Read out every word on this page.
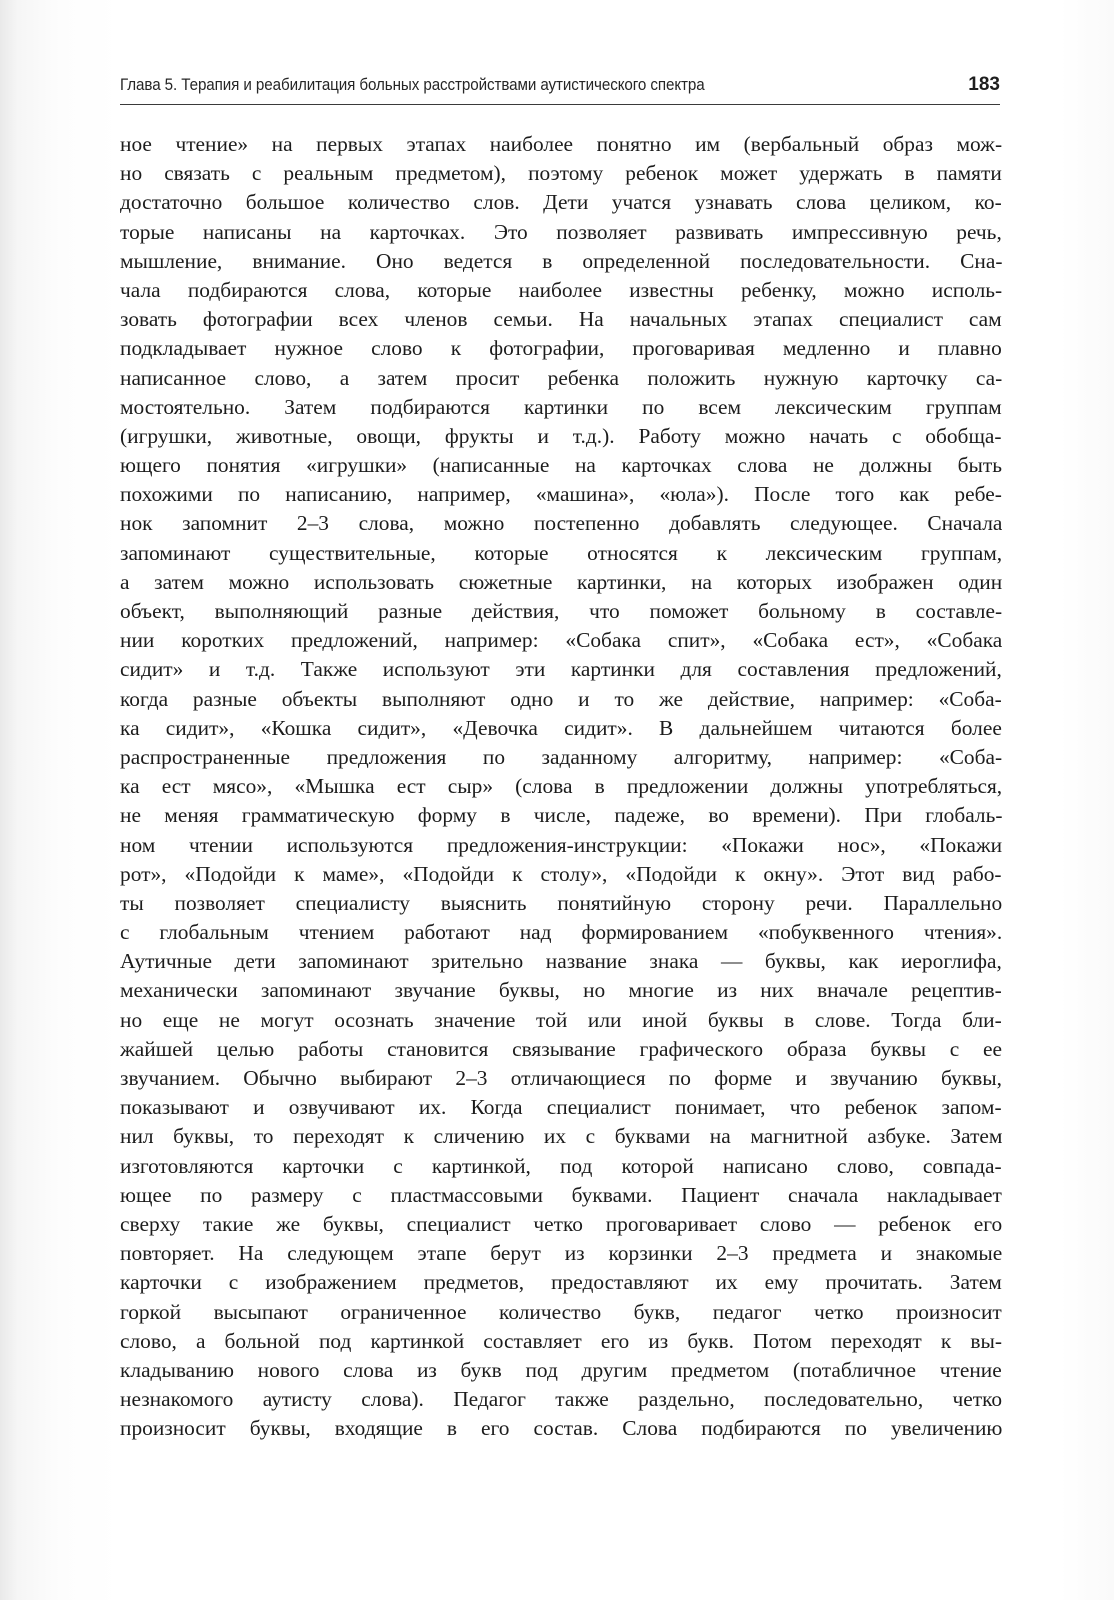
Глава 5. Терапия и реабилитация больных расстройствами аутистического спектра	183
ное чтение» на первых этапах наиболее понятно им (вербальный образ мож-
но связать с реальным предметом), поэтому ребенок может удержать в памяти
достаточно большое количество слов. Дети учатся узнавать слова целиком, ко-
торые написаны на карточках. Это позволяет развивать импрессивную речь,
мышление, внимание. Оно ведется в определенной последовательности. Сна-
чала подбираются слова, которые наиболее известны ребенку, можно исполь-
зовать фотографии всех членов семьи. На начальных этапах специалист сам
подкладывает нужное слово к фотографии, проговаривая медленно и плавно
написанное слово, а затем просит ребенка положить нужную карточку са-
мостоятельно. Затем подбираются картинки по всем лексическим группам
(игрушки, животные, овощи, фрукты и т.д.). Работу можно начать с обобща-
ющего понятия «игрушки» (написанные на карточках слова не должны быть
похожими по написанию, например, «машина», «юла»). После того как ребе-
нок запомнит 2–3 слова, можно постепенно добавлять следующее. Сначала
запоминают существительные, которые относятся к лексическим группам,
а затем можно использовать сюжетные картинки, на которых изображен один
объект, выполняющий разные действия, что поможет больному в составле-
нии коротких предложений, например: «Собака спит», «Собака ест», «Собака
сидит» и т.д. Также используют эти картинки для составления предложений,
когда разные объекты выполняют одно и то же действие, например: «Соба-
ка сидит», «Кошка сидит», «Девочка сидит». В дальнейшем читаются более
распространенные предложения по заданному алгоритму, например: «Соба-
ка ест мясо», «Мышка ест сыр» (слова в предложении должны употребляться,
не меняя грамматическую форму в числе, падеже, во времени). При глобаль-
ном чтении используются предложения-инструкции: «Покажи нос», «Покажи
рот», «Подойди к маме», «Подойди к столу», «Подойди к окну». Этот вид рабо-
ты позволяет специалисту выяснить понятийную сторону речи. Параллельно
с глобальным чтением работают над формированием «побуквенного чтения».
Аутичные дети запоминают зрительно название знака — буквы, как иероглифа,
механически запоминают звучание буквы, но многие из них вначале рецептив-
но еще не могут осознать значение той или иной буквы в слове. Тогда бли-
жайшей целью работы становится связывание графического образа буквы с ее
звучанием. Обычно выбирают 2–3 отличающиеся по форме и звучанию буквы,
показывают и озвучивают их. Когда специалист понимает, что ребенок запом-
нил буквы, то переходят к сличению их с буквами на магнитной азбуке. Затем
изготовляются карточки с картинкой, под которой написано слово, совпада-
ющее по размеру с пластмассовыми буквами. Пациент сначала накладывает
сверху такие же буквы, специалист четко проговаривает слово — ребенок его
повторяет. На следующем этапе берут из корзинки 2–3 предмета и знакомые
карточки с изображением предметов, предоставляют их ему прочитать. Затем
горкой высыпают ограниченное количество букв, педагог четко произносит
слово, а больной под картинкой составляет его из букв. Потом переходят к вы-
кладыванию нового слова из букв под другим предметом (потабличное чтение
незнакомого аутисту слова). Педагог также раздельно, последовательно, четко
произносит буквы, входящие в его состав. Слова подбираются по увеличению
